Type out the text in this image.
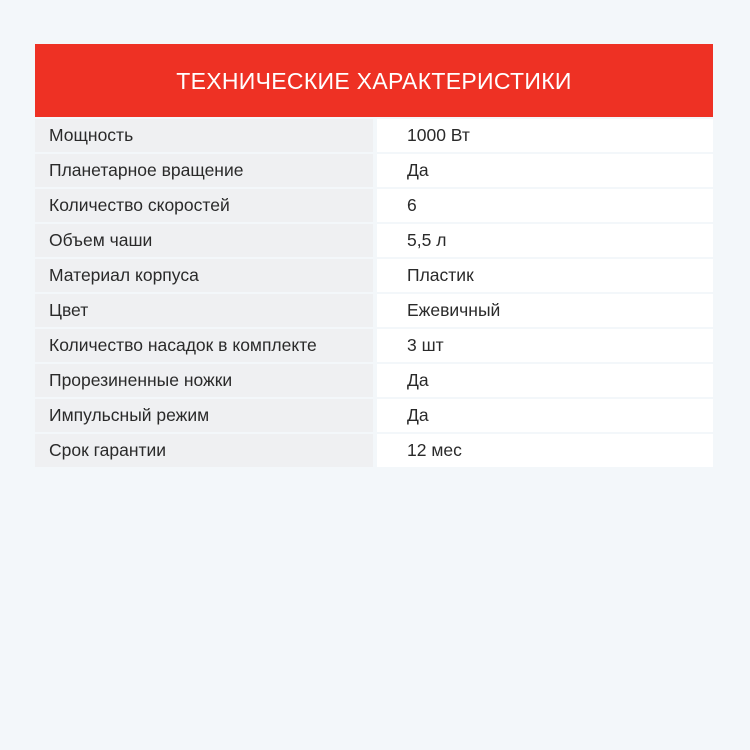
ТЕХНИЧЕСКИЕ ХАРАКТЕРИСТИКИ
Мощность	1000 Вт
Планетарное вращение	Да
Количество скоростей	6
Объем чаши	5,5 л
Материал корпуса	Пластик
Цвет	Ежевичный
Количество насадок в комплекте	3 шт
Прорезиненные ножки	Да
Импульсный режим	Да
Срок гарантии	12 мес
